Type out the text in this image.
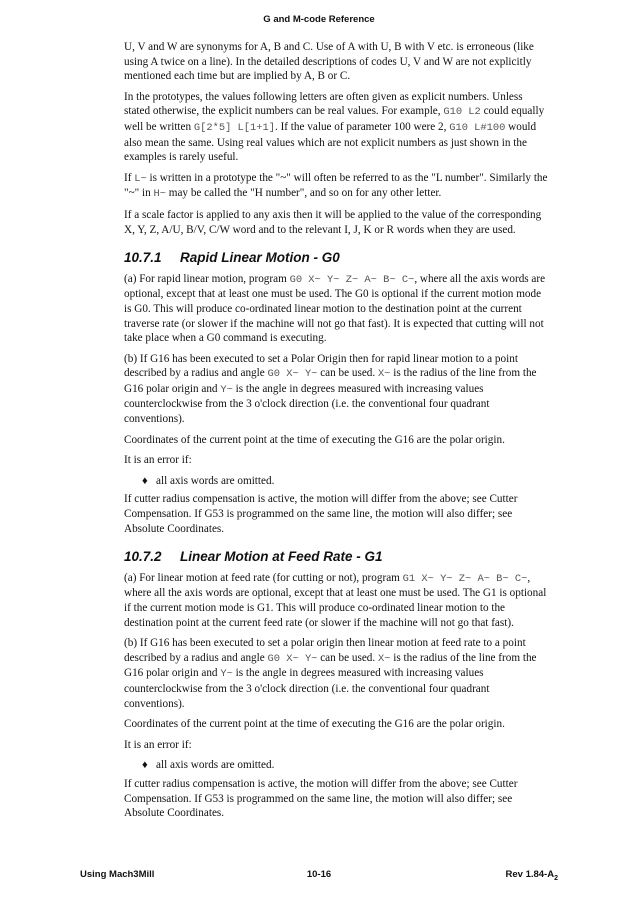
G and M-code Reference

U, V and W are synonyms for A, B and C. Use of A with U, B with V etc. is erroneous (like using A twice on a line). In the detailed descriptions of codes U, V and W are not explicitly mentioned each time but are implied by A, B or C.

In the prototypes, the values following letters are often given as explicit numbers. Unless stated otherwise, the explicit numbers can be real values. For example, G10 L2 could equally well be written G[2*5] L[1+1]. If the value of parameter 100 were 2, G10 L#100 would also mean the same. Using real values which are not explicit numbers as just shown in the examples is rarely useful.

If L~ is written in a prototype the "~" will often be referred to as the "L number". Similarly the "~" in H~ may be called the "H number", and so on for any other letter.

If a scale factor is applied to any axis then it will be applied to the value of the corresponding X, Y, Z, A/U, B/V, C/W word and to the relevant I, J, K or R words when they are used.

10.7.1	Rapid Linear Motion - G0

(a) For rapid linear motion, program G0 X~ Y~ Z~ A~ B~ C~, where all the axis words are optional, except that at least one must be used. The G0 is optional if the current motion mode is G0. This will produce co-ordinated linear motion to the destination point at the current traverse rate (or slower if the machine will not go that fast). It is expected that cutting will not take place when a G0 command is executing.

(b) If G16 has been executed to set a Polar Origin then for rapid linear motion to a point described by a radius and angle G0 X~ Y~ can be used. X~ is the radius of the line from the G16 polar origin and Y~ is the angle in degrees measured with increasing values counterclockwise from the 3 o'clock direction (i.e. the conventional four quadrant conventions).

Coordinates of the current point at the time of executing the G16 are the polar origin.

It is an error if:

♦ all axis words are omitted.

If cutter radius compensation is active, the motion will differ from the above; see Cutter Compensation. If G53 is programmed on the same line, the motion will also differ; see Absolute Coordinates.

10.7.2	Linear Motion at Feed Rate - G1

(a) For linear motion at feed rate (for cutting or not), program G1 X~ Y~ Z~ A~ B~ C~, where all the axis words are optional, except that at least one must be used. The G1 is optional if the current motion mode is G1. This will produce co-ordinated linear motion to the destination point at the current feed rate (or slower if the machine will not go that fast).

(b) If G16 has been executed to set a polar origin then linear motion at feed rate to a point described by a radius and angle G0 X~ Y~ can be used. X~ is the radius of the line from the G16 polar origin and Y~ is the angle in degrees measured with increasing values counterclockwise from the 3 o'clock direction (i.e. the conventional four quadrant conventions).

Coordinates of the current point at the time of executing the G16 are the polar origin.

It is an error if:

♦ all axis words are omitted.

If cutter radius compensation is active, the motion will differ from the above; see Cutter Compensation. If G53 is programmed on the same line, the motion will also differ; see Absolute Coordinates.

Using Mach3Mill	10-16	Rev $1.84-A_2$
